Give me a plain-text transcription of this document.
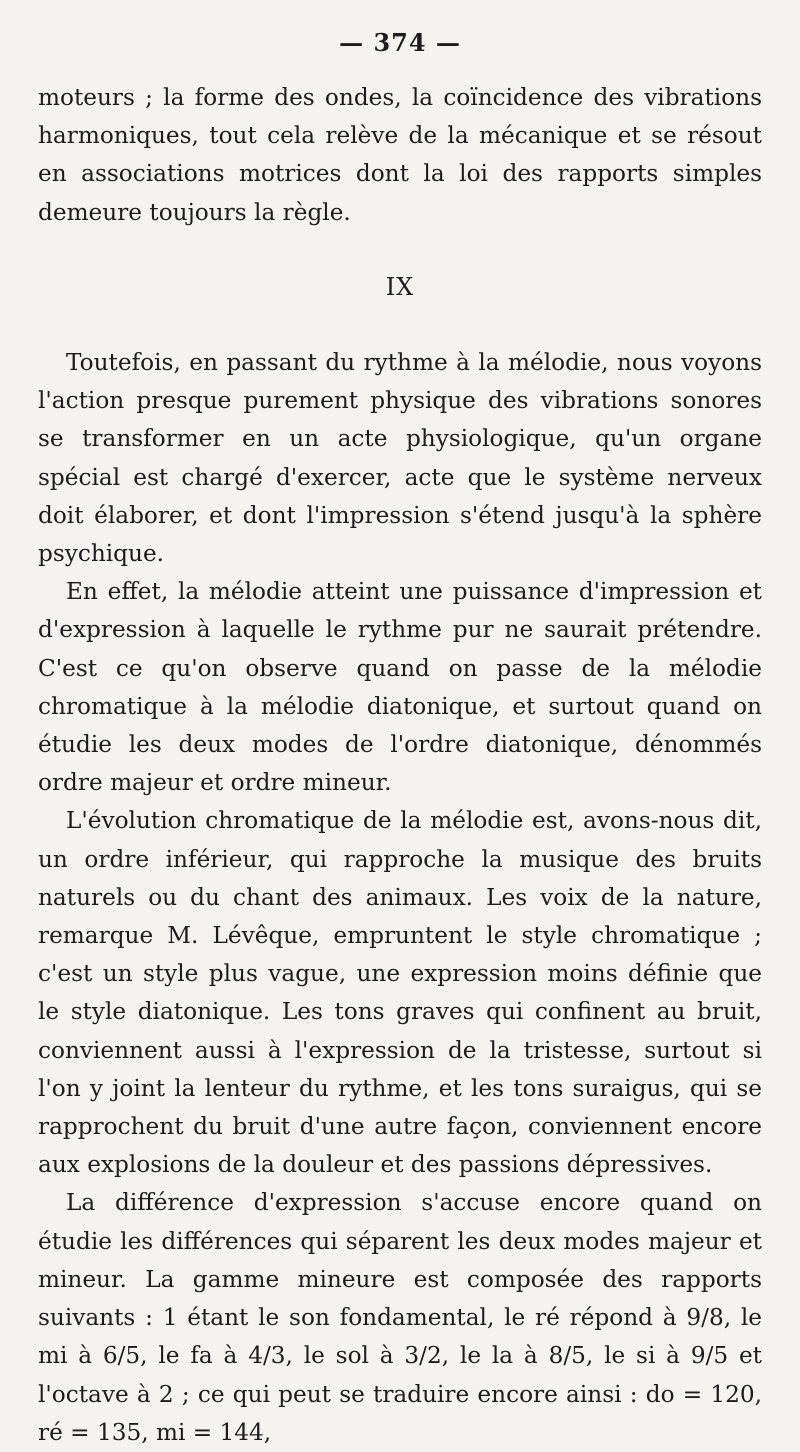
— 374 —

moteurs ; la forme des ondes, la coïncidence des vibrations harmoniques, tout cela relève de la mécanique et se résout en associations motrices dont la loi des rapports simples demeure toujours la règle.

IX

Toutefois, en passant du rythme à la mélodie, nous voyons l'action presque purement physique des vibrations sonores se transformer en un acte physiologique, qu'un organe spécial est chargé d'exercer, acte que le système nerveux doit élaborer, et dont l'impression s'étend jusqu'à la sphère psychique.

En effet, la mélodie atteint une puissance d'impression et d'expression à laquelle le rythme pur ne saurait prétendre. C'est ce qu'on observe quand on passe de la mélodie chromatique à la mélodie diatonique, et surtout quand on étudie les deux modes de l'ordre diatonique, dénommés ordre majeur et ordre mineur.

L'évolution chromatique de la mélodie est, avons-nous dit, un ordre inférieur, qui rapproche la musique des bruits naturels ou du chant des animaux. Les voix de la nature, remarque M. Lévêque, empruntent le style chromatique ; c'est un style plus vague, une expression moins définie que le style diatonique. Les tons graves qui confinent au bruit, conviennent aussi à l'expression de la tristesse, surtout si l'on y joint la lenteur du rythme, et les tons suraigus, qui se rapprochent du bruit d'une autre façon, conviennent encore aux explosions de la douleur et des passions dépressives.

La différence d'expression s'accuse encore quand on étudie les différences qui séparent les deux modes majeur et mineur. La gamme mineure est composée des rapports suivants : 1 étant le son fondamental, le ré répond à 9/8, le mi à 6/5, le fa à 4/3, le sol à 3/2, le la à 8/5, le si à 9/5 et l'octave à 2 ; ce qui peut se traduire encore ainsi : do = 120, ré = 135, mi = 144,
